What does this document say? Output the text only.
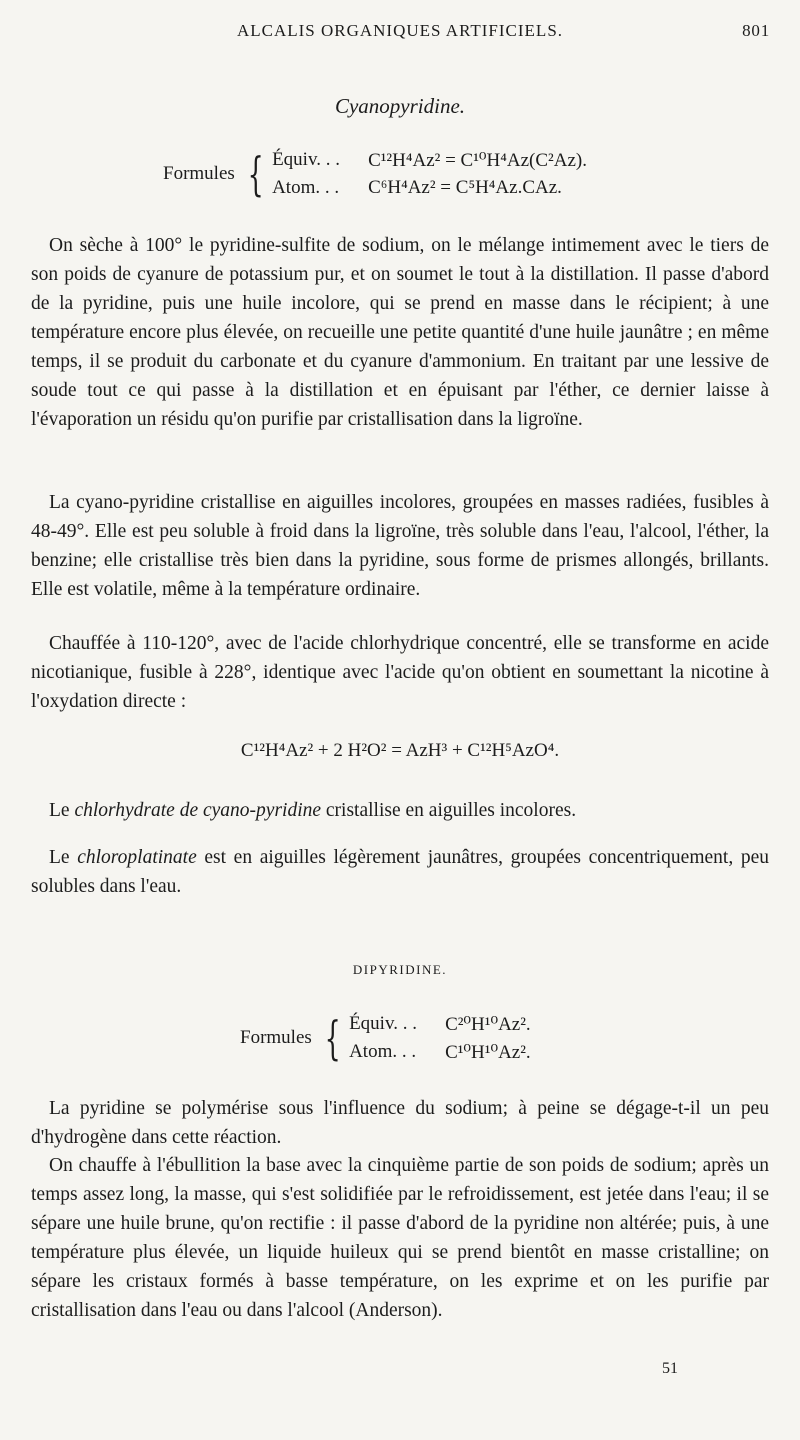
ALCALIS ORGANIQUES ARTIFICIELS.	801
Cyanopyridine.
Formules { Équiv. . .	C¹²H⁴Az² = C¹⁰H⁴Az(C²Az).
Atom. . .	C⁶H⁴Az² = C⁵H⁴Az.CAz.

On sèche à 100° le pyridine-sulfite de sodium, on le mélange intimement avec le tiers de son poids de cyanure de potassium pur, et on soumet le tout à la distillation. Il passe d'abord de la pyridine, puis une huile incolore, qui se prend en masse dans le récipient; à une température encore plus élevée, on recueille une petite quantité d'une huile jaunâtre ; en même temps, il se produit du carbonate et du cyanure d'ammonium. En traitant par une lessive de soude tout ce qui passe à la distillation et en épuisant par l'éther, ce dernier laisse à l'évaporation un résidu qu'on purifie par cristallisation dans la ligroïne.

La cyano-pyridine cristallise en aiguilles incolores, groupées en masses radiées, fusibles à 48-49°. Elle est peu soluble à froid dans la ligroïne, très soluble dans l'eau, l'alcool, l'éther, la benzine; elle cristallise très bien dans la pyridine, sous forme de prismes allongés, brillants. Elle est volatile, même à la température ordinaire.

Chauffée à 110-120°, avec de l'acide chlorhydrique concentré, elle se transforme en acide nicotianique, fusible à 228°, identique avec l'acide qu'on obtient en soumettant la nicotine à l'oxydation directe :

C¹²H⁴Az² + 2 H²O² = AzH³ + C¹²H⁵AzO⁴.

Le chlorhydrate de cyano-pyridine cristallise en aiguilles incolores.

Le chloroplatinate est en aiguilles légèrement jaunâtres, groupées concentriquement, peu solubles dans l'eau.

DIPYRIDINE.
Formules { Équiv. . .	C²⁰H¹⁰Az².
Atom. . .	C¹⁰H¹⁰Az².

La pyridine se polymérise sous l'influence du sodium; à peine se dégage-t-il un peu d'hydrogène dans cette réaction.

On chauffe à l'ébullition la base avec la cinquième partie de son poids de sodium; après un temps assez long, la masse, qui s'est solidifiée par le refroidissement, est jetée dans l'eau; il se sépare une huile brune, qu'on rectifie : il passe d'abord de la pyridine non altérée; puis, à une température plus élevée, un liquide huileux qui se prend bientôt en masse cristalline; on sépare les cristaux formés à basse température, on les exprime et on les purifie par cristallisation dans l'eau ou dans l'alcool (Anderson).

51
